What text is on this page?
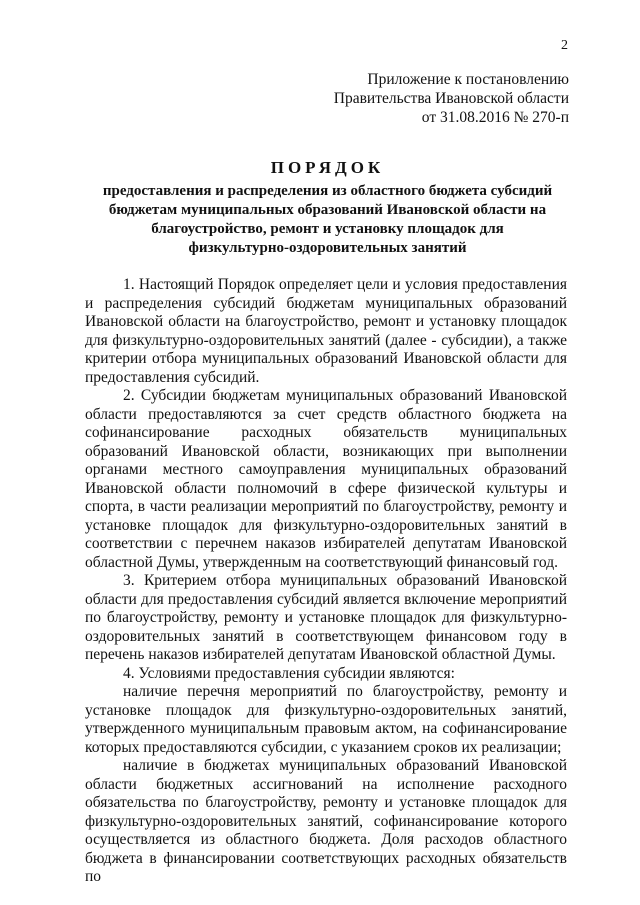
2
Приложение к постановлению
Правительства Ивановской области
от 31.08.2016 № 270-п
ПОРЯДОК
предоставления и распределения из областного бюджета субсидий бюджетам муниципальных образований Ивановской области на благоустройство, ремонт и установку площадок для физкультурно-оздоровительных занятий

1. Настоящий Порядок определяет цели и условия предоставления и распределения субсидий бюджетам муниципальных образований Ивановской области на благоустройство, ремонт и установку площадок для физкультурно-оздоровительных занятий (далее - субсидии), а также критерии отбора муниципальных образований Ивановской области для предоставления субсидий.

2. Субсидии бюджетам муниципальных образований Ивановской области предоставляются за счет средств областного бюджета на софинансирование расходных обязательств муниципальных образований Ивановской области, возникающих при выполнении органами местного самоуправления муниципальных образований Ивановской области полномочий в сфере физической культуры и спорта, в части реализации мероприятий по благоустройству, ремонту и установке площадок для физкультурно-оздоровительных занятий в соответствии с перечнем наказов избирателей депутатам Ивановской областной Думы, утвержденным на соответствующий финансовый год.

3. Критерием отбора муниципальных образований Ивановской области для предоставления субсидий является включение мероприятий по благоустройству, ремонту и установке площадок для физкультурно-оздоровительных занятий в соответствующем финансовом году в перечень наказов избирателей депутатам Ивановской областной Думы.

4. Условиями предоставления субсидии являются:

наличие перечня мероприятий по благоустройству, ремонту и установке площадок для физкультурно-оздоровительных занятий, утвержденного муниципальным правовым актом, на софинансирование которых предоставляются субсидии, с указанием сроков их реализации;

наличие в бюджетах муниципальных образований Ивановской области бюджетных ассигнований на исполнение расходного обязательства по благоустройству, ремонту и установке площадок для физкультурно-оздоровительных занятий, софинансирование которого осуществляется из областного бюджета. Доля расходов областного бюджета в финансировании соответствующих расходных обязательств по
